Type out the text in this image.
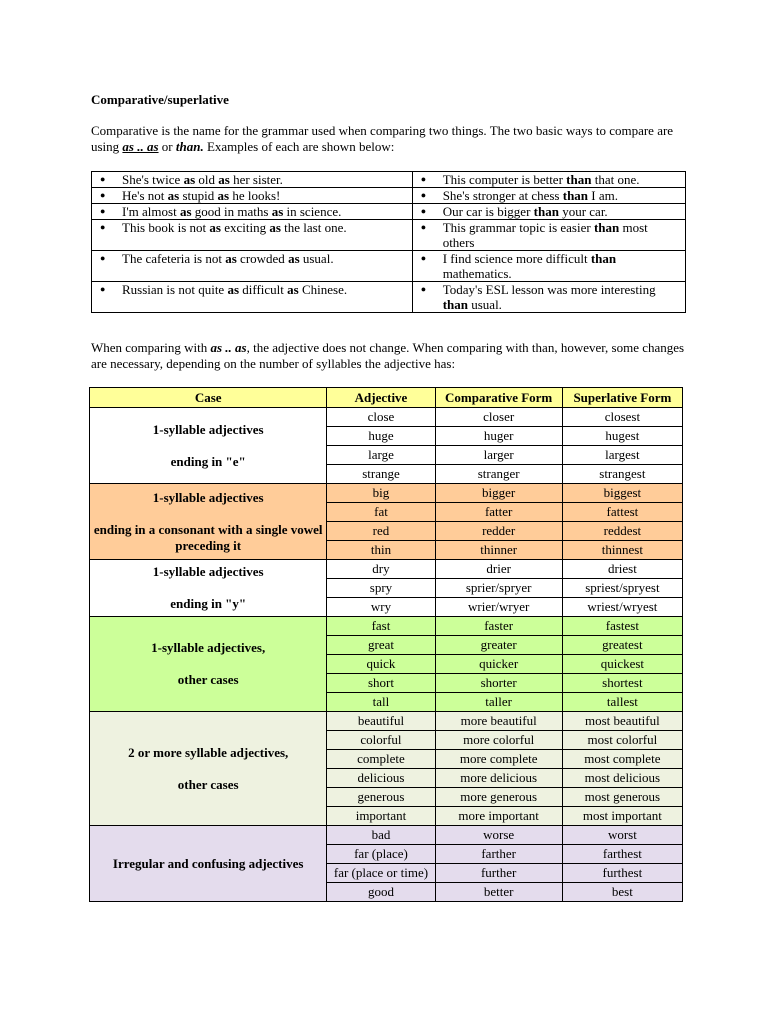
Comparative/superlative
Comparative is the name for the grammar used when comparing two things. The two basic ways to compare are using as .. as or than. Examples of each are shown below:
● She's twice as old as her sister.	● This computer is better than that one.

● He's not as stupid as he looks!	● She's stronger at chess than I am.

● I'm almost as good in maths as in science.	● Our car is bigger than your car.

● This book is not as exciting as the last one.	● This grammar topic is easier than most others

● The cafeteria is not as crowded as usual.	● I find science more difficult than mathematics.

● Russian is not quite as difficult as Chinese.	● Today's ESL lesson was more interesting than usual.
When comparing with as .. as, the adjective does not change. When comparing with than, however, some changes are necessary, depending on the number of syllables the adjective has:
Case	Adjective	Comparative Form	Superlative Form

1-syllable adjectives
ending in "e"	close	closer	closest
	huge	huger	hugest
	large	larger	largest
	strange	stranger	strangest

1-syllable adjectives
ending in a consonant with a single vowel preceding it	big	bigger	biggest
	fat	fatter	fattest
	red	redder	reddest
	thin	thinner	thinnest

1-syllable adjectives
ending in "y"	dry	drier	driest
	spry	sprier/spryer	spriest/spryest
	wry	wrier/wryer	wriest/wryest

1-syllable adjectives,
other cases	fast	faster	fastest
	great	greater	greatest
	quick	quicker	quickest
	short	shorter	shortest
	tall	taller	tallest

2 or more syllable adjectives,
other cases	beautiful	more beautiful	most beautiful
	colorful	more colorful	most colorful
	complete	more complete	most complete
	delicious	more delicious	most delicious
	generous	more generous	most generous
	important	more important	most important

Irregular and confusing adjectives	bad	worse	worst
	far (place)	farther	farthest
	far (place or time)	further	furthest
	good	better	best
